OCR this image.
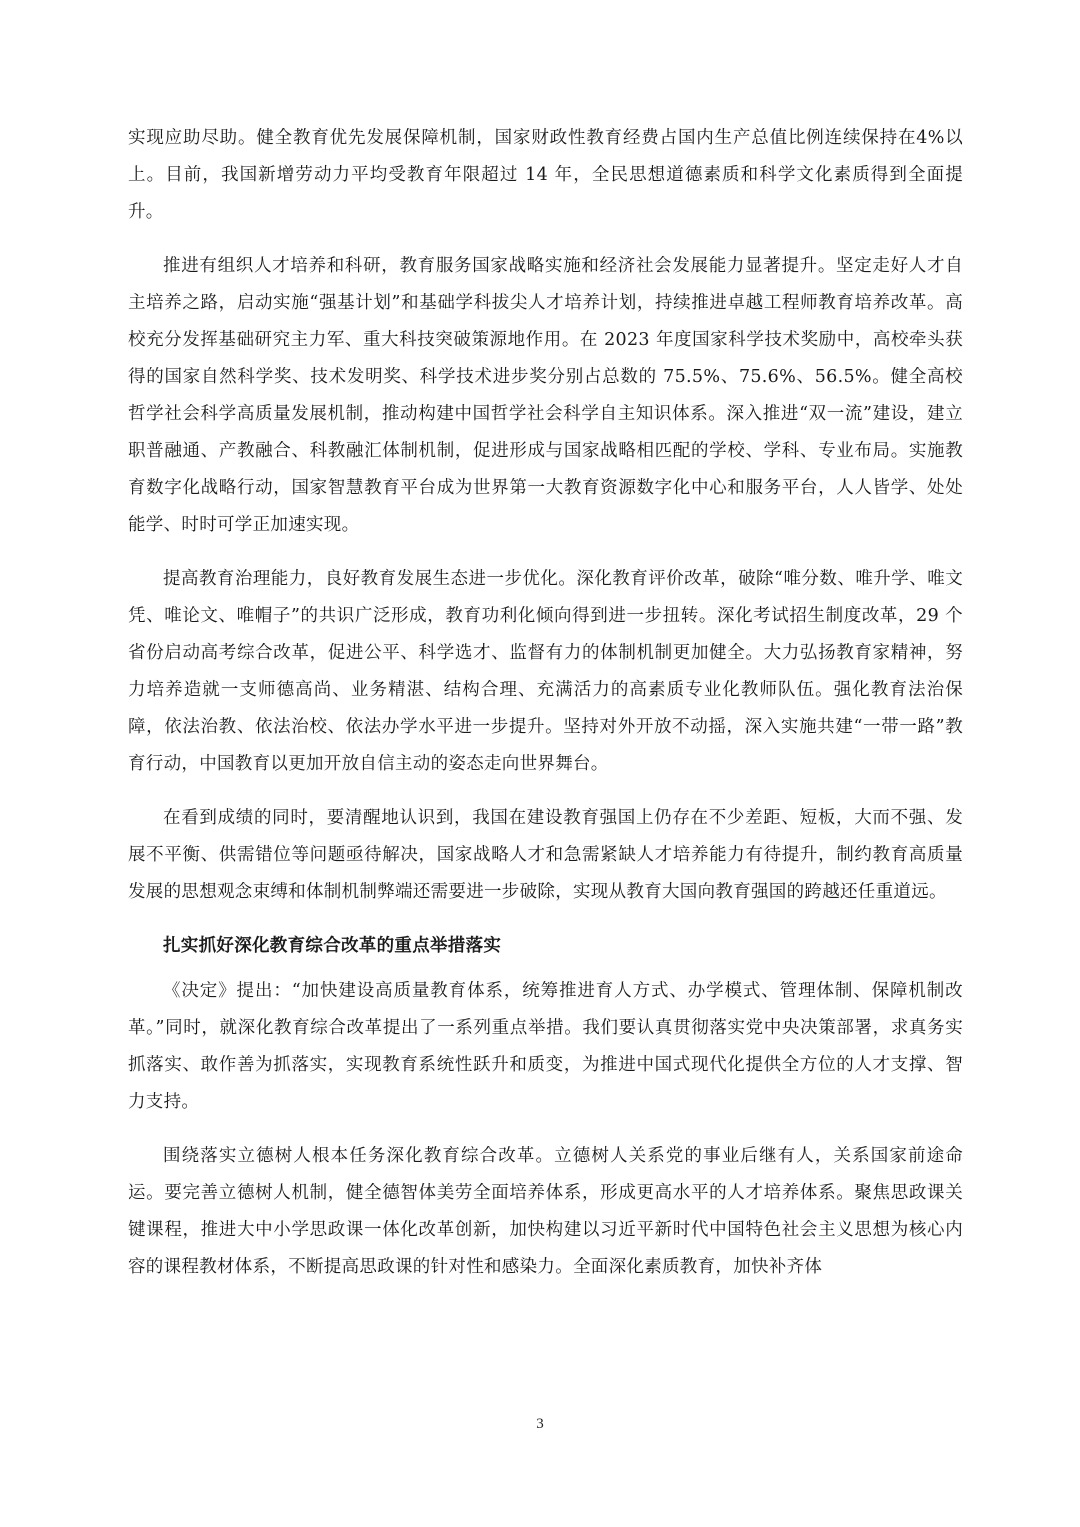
实现应助尽助。健全教育优先发展保障机制，国家财政性教育经费占国内生产总值比例连续保持在4%以上。目前，我国新增劳动力平均受教育年限超过 14 年，全民思想道德素质和科学文化素质得到全面提升。

推进有组织人才培养和科研，教育服务国家战略实施和经济社会发展能力显著提升。坚定走好人才自主培养之路，启动实施“强基计划”和基础学科拔尖人才培养计划，持续推进卓越工程师教育培养改革。高校充分发挥基础研究主力军、重大科技突破策源地作用。在 2023 年度国家科学技术奖励中，高校牵头获得的国家自然科学奖、技术发明奖、科学技术进步奖分别占总数的 75.5%、75.6%、56.5%。健全高校哲学社会科学高质量发展机制，推动构建中国哲学社会科学自主知识体系。深入推进“双一流”建设，建立职普融通、产教融合、科教融汇体制机制，促进形成与国家战略相匹配的学校、学科、专业布局。实施教育数字化战略行动，国家智慧教育平台成为世界第一大教育资源数字化中心和服务平台，人人皆学、处处能学、时时可学正加速实现。

提高教育治理能力，良好教育发展生态进一步优化。深化教育评价改革，破除“唯分数、唯升学、唯文凭、唯论文、唯帽子”的共识广泛形成，教育功利化倾向得到进一步扭转。深化考试招生制度改革，29 个省份启动高考综合改革，促进公平、科学选才、监督有力的体制机制更加健全。大力弘扬教育家精神，努力培养造就一支师德高尚、业务精湛、结构合理、充满活力的高素质专业化教师队伍。强化教育法治保障，依法治教、依法治校、依法办学水平进一步提升。坚持对外开放不动摇，深入实施共建“一带一路”教育行动，中国教育以更加开放自信主动的姿态走向世界舞台。

在看到成绩的同时，要清醒地认识到，我国在建设教育强国上仍存在不少差距、短板，大而不强、发展不平衡、供需错位等问题亟待解决，国家战略人才和急需紧缺人才培养能力有待提升，制约教育高质量发展的思想观念束缚和体制机制弊端还需要进一步破除，实现从教育大国向教育强国的跨越还任重道远。

扎实抓好深化教育综合改革的重点举措落实

《决定》提出：“加快建设高质量教育体系，统筹推进育人方式、办学模式、管理体制、保障机制改革。”同时，就深化教育综合改革提出了一系列重点举措。我们要认真贯彻落实党中央决策部署，求真务实抓落实、敢作善为抓落实，实现教育系统性跃升和质变，为推进中国式现代化提供全方位的人才支撑、智力支持。

围绕落实立德树人根本任务深化教育综合改革。立德树人关系党的事业后继有人，关系国家前途命运。要完善立德树人机制，健全德智体美劳全面培养体系，形成更高水平的人才培养体系。聚焦思政课关键课程，推进大中小学思政课一体化改革创新，加快构建以习近平新时代中国特色社会主义思想为核心内容的课程教材体系，不断提高思政课的针对性和感染力。全面深化素质教育，加快补齐体

3
